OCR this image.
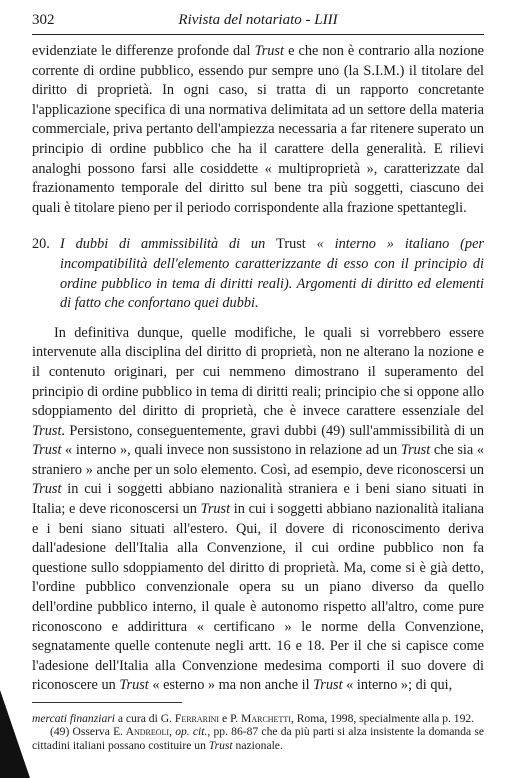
302	Rivista del notariato - LIII

evidenziate le differenze profonde dal Trust e che non è contrario alla nozione corrente di ordine pubblico, essendo pur sempre uno (la S.I.M.) il titolare del diritto di proprietà. In ogni caso, si tratta di un rapporto concretante l'applicazione specifica di una normativa delimitata ad un settore della materia commerciale, priva pertanto dell'ampiezza necessaria a far ritenere superato un principio di ordine pubblico che ha il carattere della generalità. E rilievi analoghi possono farsi alle cosiddette « multiproprietà », caratterizzate dal frazionamento temporale del diritto sul bene tra più soggetti, ciascuno dei quali è titolare pieno per il periodo corrispondente alla frazione spettantegli.

20. I dubbi di ammissibilità di un Trust « interno » italiano (per incompatibilità dell'elemento caratterizzante di esso con il principio di ordine pubblico in tema di diritti reali). Argomenti di diritto ed elementi di fatto che confortano quei dubbi.

In definitiva dunque, quelle modifiche, le quali si vorrebbero essere intervenute alla disciplina del diritto di proprietà, non ne alterano la nozione e il contenuto originari, per cui nemmeno dimostrano il superamento del principio di ordine pubblico in tema di diritti reali; principio che si oppone allo sdoppiamento del diritto di proprietà, che è invece carattere essenziale del Trust. Persistono, conseguentemente, gravi dubbi (49) sull'ammissibilità di un Trust « interno », quali invece non sussistono in relazione ad un Trust che sia « straniero » anche per un solo elemento. Così, ad esempio, deve riconoscersi un Trust in cui i soggetti abbiano nazionalità straniera e i beni siano situati in Italia; e deve riconoscersi un Trust in cui i soggetti abbiano nazionalità italiana e i beni siano situati all'estero. Qui, il dovere di riconoscimento deriva dall'adesione dell'Italia alla Convenzione, il cui ordine pubblico non fa questione sullo sdoppiamento del diritto di proprietà. Ma, come si è già detto, l'ordine pubblico convenzionale opera su un piano diverso da quello dell'ordine pubblico interno, il quale è autonomo rispetto all'altro, come pure riconoscono e addirittura « certificano » le norme della Convenzione, segnatamente quelle contenute negli artt. 16 e 18. Per il che si capisce come l'adesione dell'Italia alla Convenzione medesima comporti il suo dovere di riconoscere un Trust « esterno » ma non anche il Trust « interno »; di qui,

mercati finanziari a cura di G. Ferrarini e P. Marchetti, Roma, 1998, specialmente alla p. 192.

(49) Osserva E. Andreoli, op. cit., pp. 86-87 che da più parti si alza insistente la domanda se cittadini italiani possano costituire un Trust nazionale.
